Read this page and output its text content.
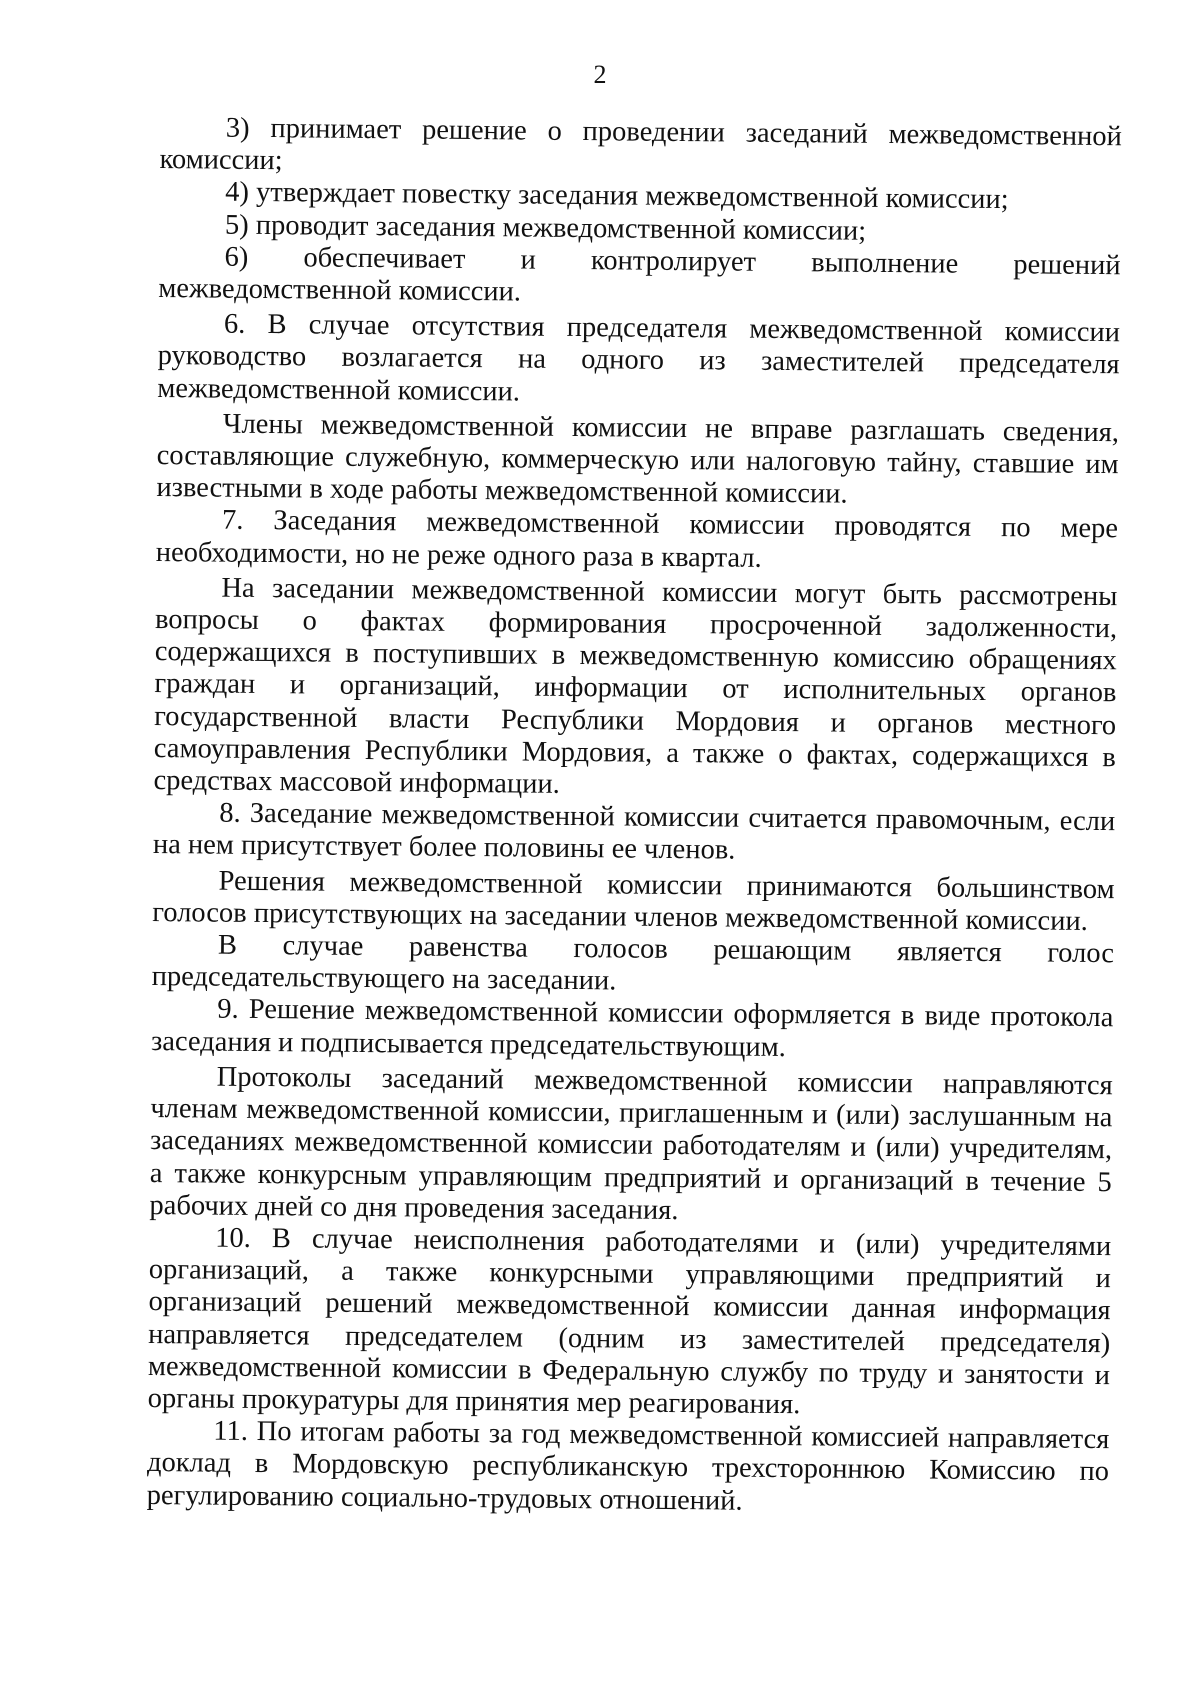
2

3) принимает решение о проведении заседаний межведомственной комиссии;

4) утверждает повестку заседания межведомственной комиссии;

5) проводит заседания межведомственной комиссии;

6) обеспечивает и контролирует выполнение решений межведомственной комиссии.

6. В случае отсутствия председателя межведомственной комиссии руководство возлагается на одного из заместителей председателя межведомственной комиссии.

Члены межведомственной комиссии не вправе разглашать сведения, составляющие служебную, коммерческую или налоговую тайну, ставшие им известными в ходе работы межведомственной комиссии.

7. Заседания межведомственной комиссии проводятся по мере необходимости, но не реже одного раза в квартал.

На заседании межведомственной комиссии могут быть рассмотрены вопросы о фактах формирования просроченной задолженности, содержащихся в поступивших в межведомственную комиссию обращениях граждан и организаций, информации от исполнительных органов государственной власти Республики Мордовия и органов местного самоуправления Республики Мордовия, а также о фактах, содержащихся в средствах массовой информации.

8. Заседание межведомственной комиссии считается правомочным, если на нем присутствует более половины ее членов.

Решения межведомственной комиссии принимаются большинством голосов присутствующих на заседании членов межведомственной комиссии.

В случае равенства голосов решающим является голос председательствующего на заседании.

9. Решение межведомственной комиссии оформляется в виде протокола заседания и подписывается председательствующим.

Протоколы заседаний межведомственной комиссии направляются членам межведомственной комиссии, приглашенным и (или) заслушанным на заседаниях межведомственной комиссии работодателям и (или) учредителям, а также конкурсным управляющим предприятий и организаций в течение 5 рабочих дней со дня проведения заседания.

10. В случае неисполнения работодателями и (или) учредителями организаций, а также конкурсными управляющими предприятий и организаций решений межведомственной комиссии данная информация направляется председателем (одним из заместителей председателя) межведомственной комиссии в Федеральную службу по труду и занятости и органы прокуратуры для принятия мер реагирования.

11. По итогам работы за год межведомственной комиссией направляется доклад в Мордовскую республиканскую трехстороннюю Комиссию по регулированию социально-трудовых отношений.
